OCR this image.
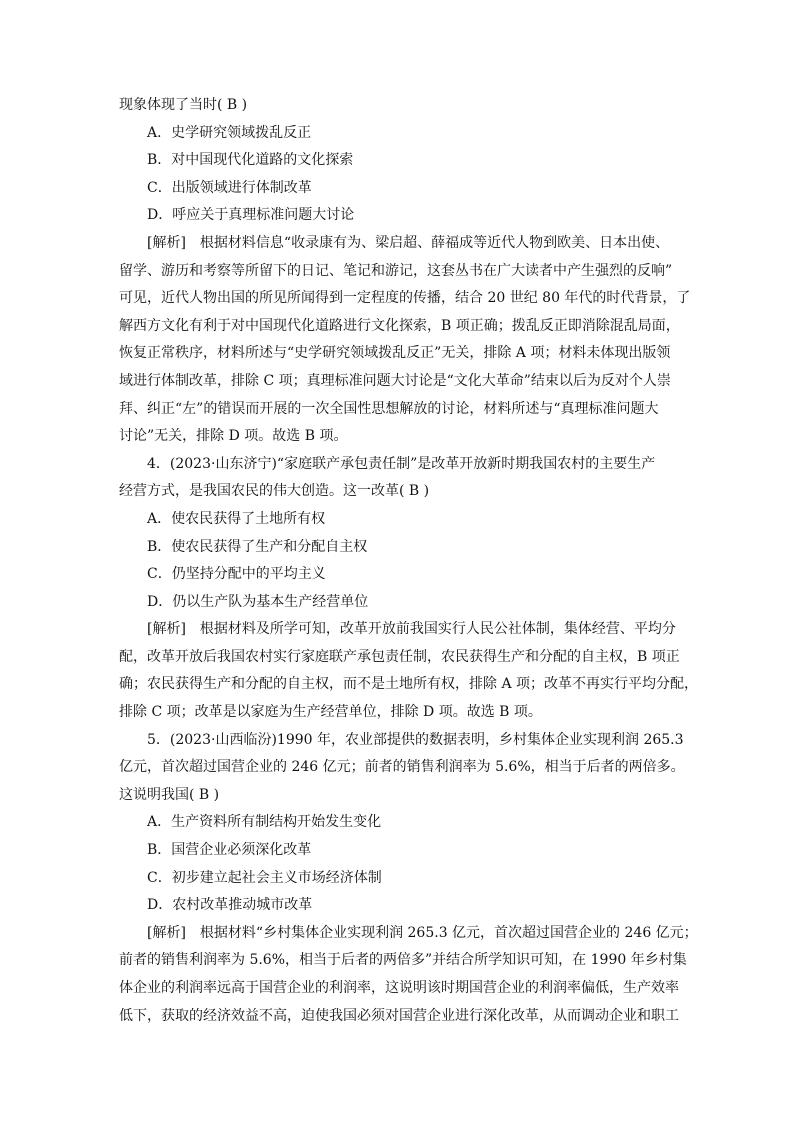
现象体现了当时( B )

A．史学研究领域拨乱反正

B．对中国现代化道路的文化探索

C．出版领域进行体制改革

D．呼应关于真理标准问题大讨论

[解析]　根据材料信息“收录康有为、梁启超、薛福成等近代人物到欧美、日本出使、

留学、游历和考察等所留下的日记、笔记和游记，这套丛书在广大读者中产生强烈的反响”

可见，近代人物出国的所见所闻得到一定程度的传播，结合 20 世纪 80 年代的时代背景，了

解西方文化有利于对中国现代化道路进行文化探索，B 项正确；拨乱反正即消除混乱局面，

恢复正常秩序，材料所述与“史学研究领域拨乱反正”无关，排除 A 项；材料未体现出版领

域进行体制改革，排除 C 项；真理标准问题大讨论是“文化大革命”结束以后为反对个人崇

拜、纠正“左”的错误而开展的一次全国性思想解放的讨论，材料所述与“真理标准问题大

讨论”无关，排除 D 项。故选 B 项。

4．(2023·山东济宁)“家庭联产承包责任制”是改革开放新时期我国农村的主要生产

经营方式，是我国农民的伟大创造。这一改革( B )

A．使农民获得了土地所有权

B．使农民获得了生产和分配自主权

C．仍坚持分配中的平均主义

D．仍以生产队为基本生产经营单位

[解析]　根据材料及所学可知，改革开放前我国实行人民公社体制，集体经营、平均分

配，改革开放后我国农村实行家庭联产承包责任制，农民获得生产和分配的自主权，B 项正

确；农民获得生产和分配的自主权，而不是土地所有权，排除 A 项；改革不再实行平均分配，

排除 C 项；改革是以家庭为生产经营单位，排除 D 项。故选 B 项。

5．(2023·山西临汾)1990 年，农业部提供的数据表明，乡村集体企业实现利润 265.3

亿元，首次超过国营企业的 246 亿元；前者的销售利润率为 5.6%，相当于后者的两倍多。

这说明我国( B )

A．生产资料所有制结构开始发生变化

B．国营企业必须深化改革

C．初步建立起社会主义市场经济体制

D．农村改革推动城市改革

[解析]　根据材料“乡村集体企业实现利润 265.3 亿元，首次超过国营企业的 246 亿元；

前者的销售利润率为 5.6%，相当于后者的两倍多”并结合所学知识可知，在 1990 年乡村集

体企业的利润率远高于国营企业的利润率，这说明该时期国营企业的利润率偏低，生产效率

低下，获取的经济效益不高，迫使我国必须对国营企业进行深化改革，从而调动企业和职工
